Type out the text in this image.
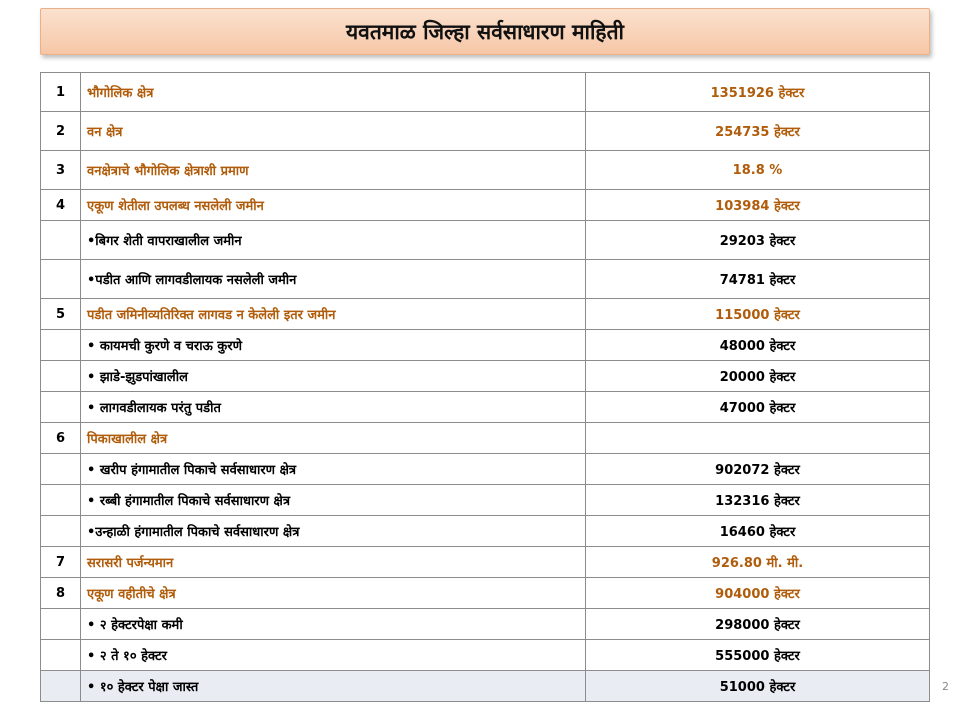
यवतमाळ जिल्हा सर्वसाधारण माहिती
1	भौगोलिक क्षेत्र	1351926 हेक्टर
2	वन क्षेत्र	254735 हेक्टर
3	वनक्षेत्राचे भौगोलिक क्षेत्राशी प्रमाण	18.8 %
4	एकूण शेतीला उपलब्ध नसलेली जमीन	103984 हेक्टर
	•बिगर शेती वापराखालील जमीन	29203 हेक्टर
	•पडीत आणि लागवडीलायक नसलेली जमीन	74781 हेक्टर
5	पडीत जमिनीव्यतिरिक्त लागवड न केलेली इतर जमीन	115000 हेक्टर
	• कायमची कुरणे व चराऊ कुरणे	48000 हेक्टर
	• झाडे-झुडपांखालील	20000 हेक्टर
	• लागवडीलायक परंतु पडीत	47000 हेक्टर
6	पिकाखालील क्षेत्र	
	• खरीप हंगामातील पिकाचे सर्वसाधारण क्षेत्र	902072 हेक्टर
	• रब्बी हंगामातील पिकाचे सर्वसाधारण क्षेत्र	132316 हेक्टर
	•उन्हाळी हंगामातील पिकाचे सर्वसाधारण क्षेत्र	16460 हेक्टर
7	सरासरी पर्जन्यमान	926.80 मी. मी.
8	एकूण वहीतीचे क्षेत्र	904000 हेक्टर
	• २ हेक्टरपेक्षा कमी	298000 हेक्टर
	• २ ते १० हेक्टर	555000 हेक्टर
	• १० हेक्टर पेक्षा जास्त	51000 हेक्टर	2
